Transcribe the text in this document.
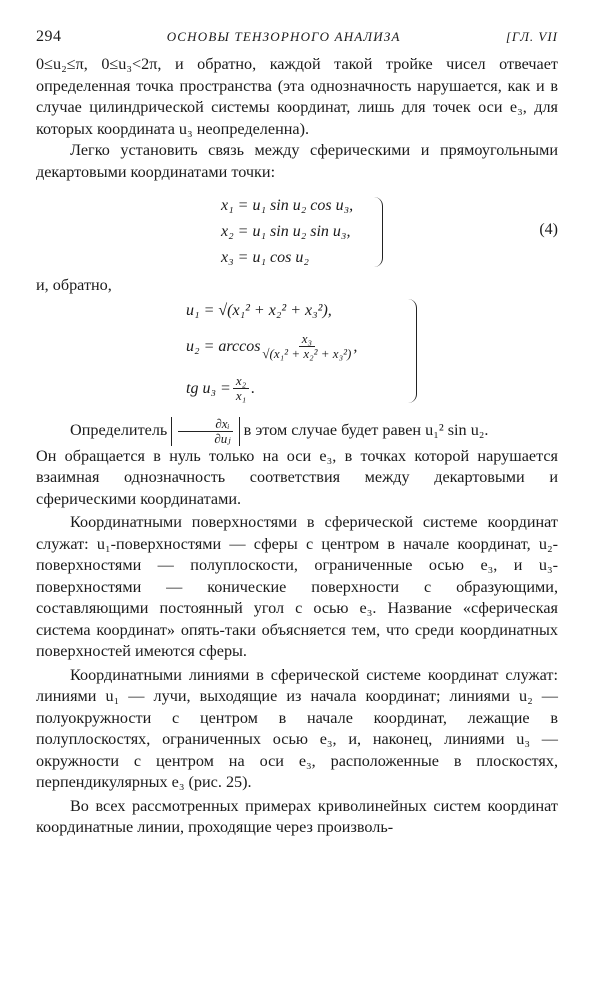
294	ОСНОВЫ ТЕНЗОРНОГО АНАЛИЗА	[ГЛ. VII

0≤u₂≤π, 0≤u₃<2π, и обратно, каждой такой тройке чисел отвечает определенная точка пространства (эта однозначность нарушается, как и в случае цилиндрической системы координат, лишь для точек оси e₃, для которых координата u₃ неопределенна).

Легко установить связь между сферическими и прямоугольными декартовыми координатами точки:

x₁ = u₁ sin u₂ cos u₃,
x₂ = u₁ sin u₂ sin u₃,
x₃ = u₁ cos u₂
(4)

и, обратно,

u₁ = √(x₁² + x₂² + x₃²),
$u_2 = \arccos \frac{\text{x₃}}{\text{√(x₁² + x₂² + x₃²)}}$ ,
tg $u_3 = \frac{\text{x₂}}{\text{x₁}}$ .

Определитель $\frac{\text{∂xᵢ}}{\text{∂uⱼ}}$ в этом случае будет равен u₁² sin u₂.

Он обращается в нуль только на оси e₃, в точках которой нарушается взаимная однозначность соответствия между декартовыми и сферическими координатами.

Координатными поверхностями в сферической системе координат служат: u₁-поверхностями — сферы с центром в начале координат, u₂-поверхностями — полуплоскости, ограниченные осью e₃, и u₃-поверхностями — конические поверхности с образующими, составляющими постоянный угол с осью e₃. Название «сферическая система координат» опять-таки объясняется тем, что среди координатных поверхностей имеются сферы.

Координатными линиями в сферической системе координат служат: линиями u₁ — лучи, выходящие из начала координат; линиями u₂ — полуокружности с центром в начале координат, лежащие в полуплоскостях, ограниченных осью e₃, и, наконец, линиями u₃ — окружности с центром на оси e₃, расположенные в плоскостях, перпендикулярных e₃ (рис. 25).

Во всех рассмотренных примерах криволинейных систем координат координатные линии, проходящие через произволь-
